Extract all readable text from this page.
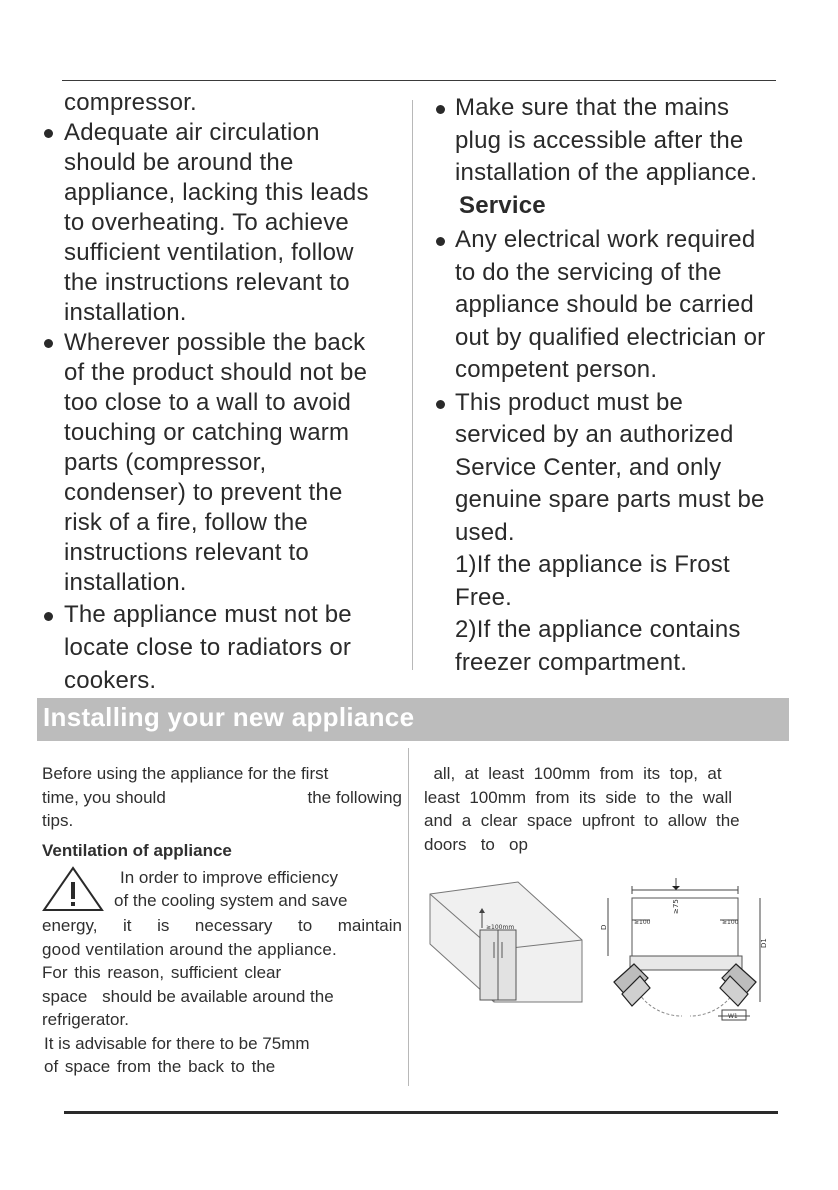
compressor.

Adequate air circulation

should be around the

appliance, lacking this leads

to overheating. To achieve

sufficient ventilation, follow

the instructions relevant to

installation.

Wherever possible the back

of the product should not be

too close to a wall to avoid

touching or catching warm

parts (compressor,

condenser) to prevent the

risk of a fire, follow the

instructions relevant to

installation.

The appliance must not be

locate close to radiators or

cookers.

Make sure that the mains

plug is accessible after the

installation of the appliance.

Service

Any electrical work required

to do the servicing of the

appliance should be carried

out by qualified electrician or

competent person.

This product must be

serviced by an authorized

Service Center, and only

genuine spare parts must be

used.

1)If the appliance is Frost

Free.

2)If the appliance contains

freezer compartment.

Installing your new appliance

Before using the appliance for the first

time, you should	the following

tips.

Ventilation of appliance

In order to improve efficiency

of the cooling system and save

energy, it is necessary to maintain

good ventilation around the appliance.

For this reason, sufficient clear

space should be available around the

refrigerator.

It is advisable for there to be 75mm

of space from the back to the

all,  at  least  100mm  from  its  top,  at

least  100mm  from  its  side  to  the  wall

and  a  clear  space  upfront  to  allow  the

doors   to   op

≥100mm
≥75
≥100	≥100
D
D1
W1
